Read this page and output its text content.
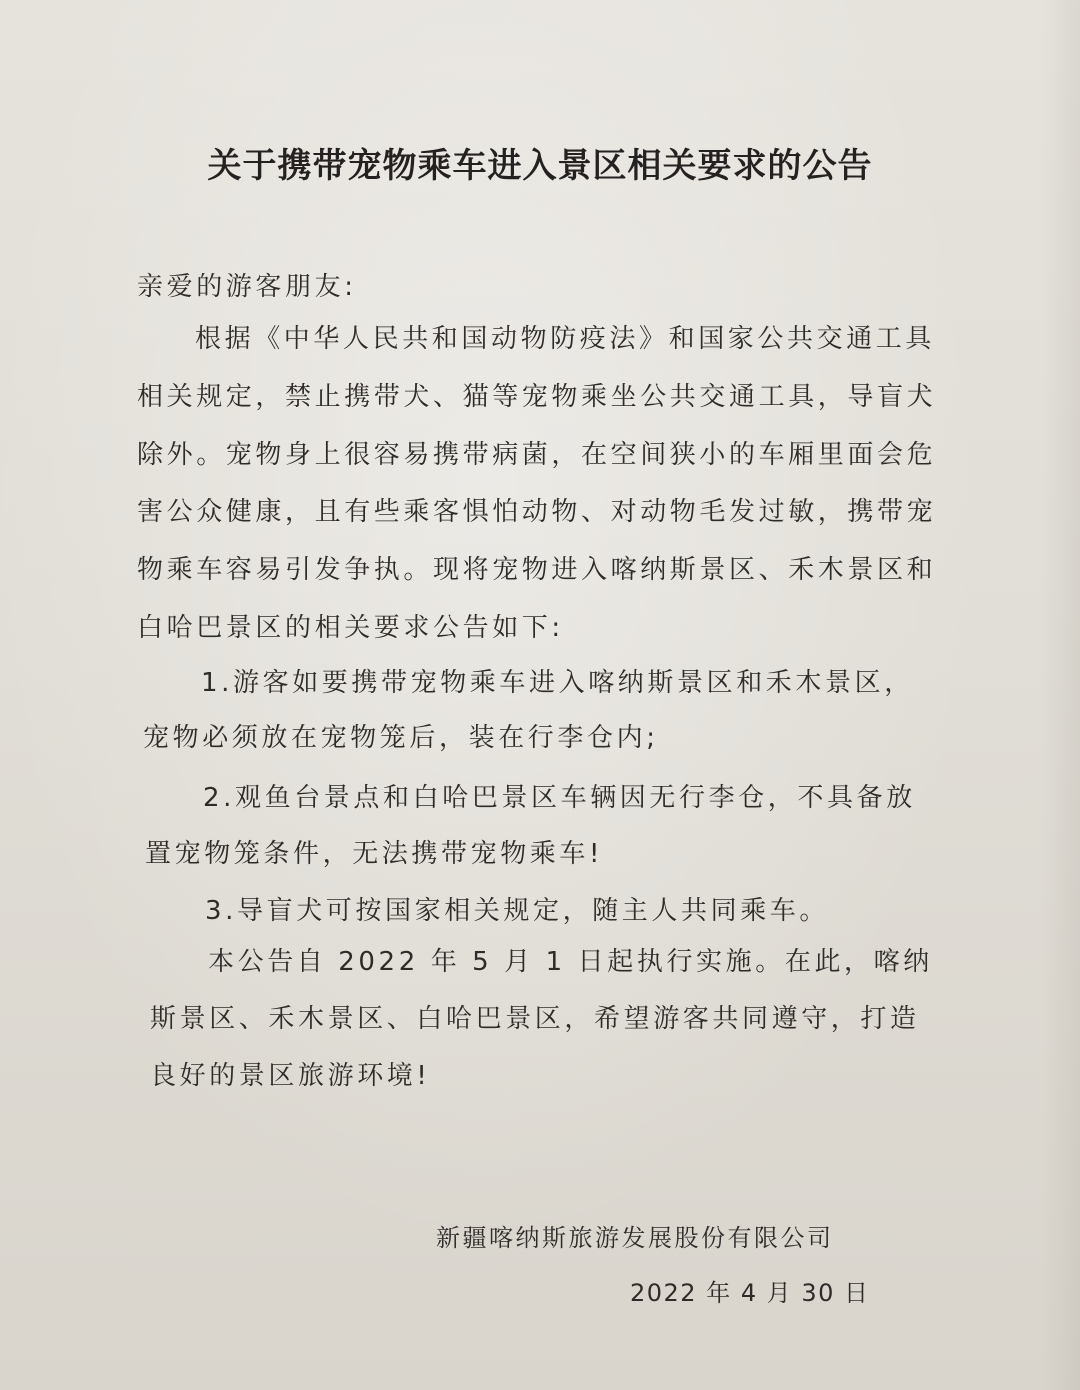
关于携带宠物乘车进入景区相关要求的公告
亲爱的游客朋友:

根据《中华人民共和国动物防疫法》和国家公共交通工具相关规定，禁止携带犬、猫等宠物乘坐公共交通工具，导盲犬除外。宠物身上很容易携带病菌，在空间狭小的车厢里面会危害公众健康，且有些乘客惧怕动物、对动物毛发过敏，携带宠物乘车容易引发争执。现将宠物进入喀纳斯景区、禾木景区和白哈巴景区的相关要求公告如下:

1.游客如要携带宠物乘车进入喀纳斯景区和禾木景区，宠物必须放在宠物笼后，装在行李仓内;

2.观鱼台景点和白哈巴景区车辆因无行李仓，不具备放置宠物笼条件，无法携带宠物乘车!

3.导盲犬可按国家相关规定，随主人共同乘车。

本公告自 2022 年 5 月 1 日起执行实施。在此，喀纳斯景区、禾木景区、白哈巴景区，希望游客共同遵守，打造良好的景区旅游环境!

新疆喀纳斯旅游发展股份有限公司
2022 年 4 月 30 日
